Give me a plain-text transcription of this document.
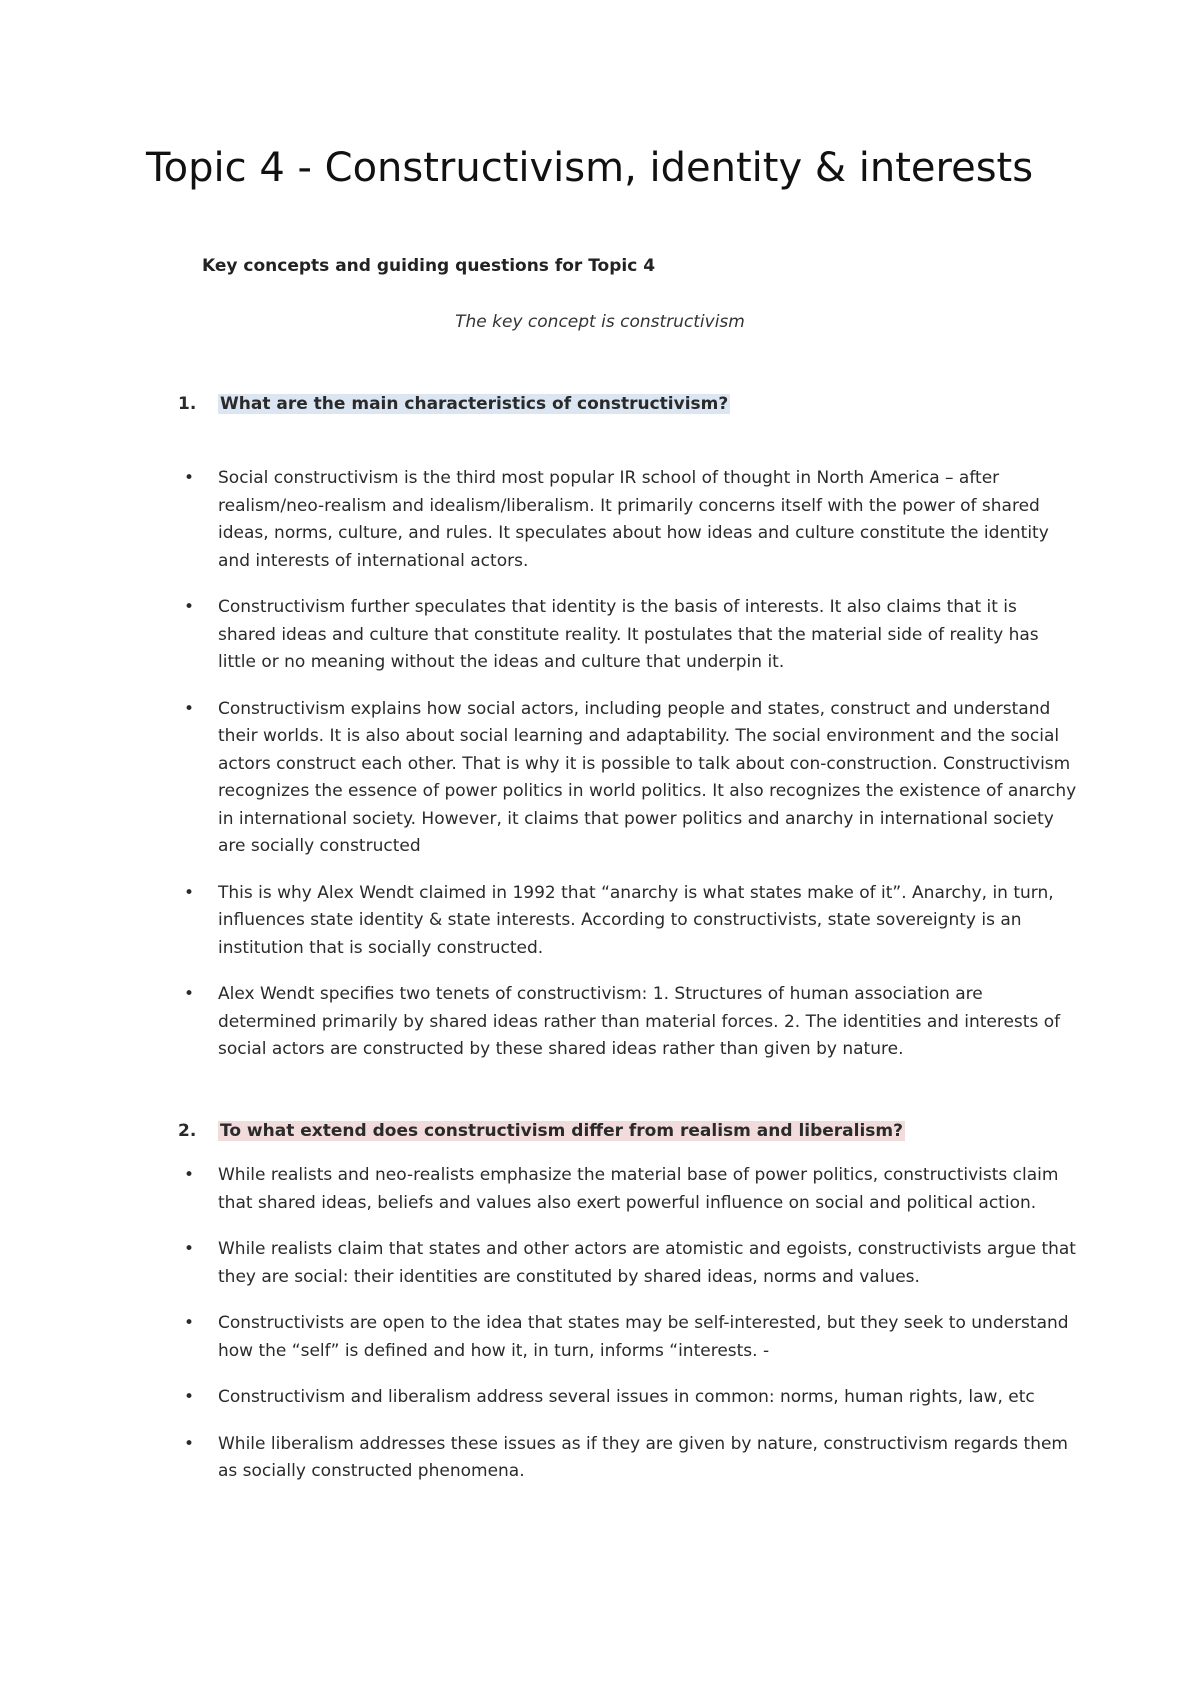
Topic 4 - Constructivism, identity & interests

Key concepts and guiding questions for Topic 4

The key concept is constructivism

1. What are the main characteristics of constructivism?

• Social constructivism is the third most popular IR school of thought in North America – after realism/neo-realism and idealism/liberalism. It primarily concerns itself with the power of shared ideas, norms, culture, and rules. It speculates about how ideas and culture constitute the identity and interests of international actors.
• Constructivism further speculates that identity is the basis of interests. It also claims that it is shared ideas and culture that constitute reality. It postulates that the material side of reality has little or no meaning without the ideas and culture that underpin it.
• Constructivism explains how social actors, including people and states, construct and understand their worlds. It is also about social learning and adaptability. The social environment and the social actors construct each other. That is why it is possible to talk about con-construction. Constructivism recognizes the essence of power politics in world politics. It also recognizes the existence of anarchy in international society. However, it claims that power politics and anarchy in international society are socially constructed
• This is why Alex Wendt claimed in 1992 that “anarchy is what states make of it”. Anarchy, in turn, influences state identity & state interests. According to constructivists, state sovereignty is an institution that is socially constructed.
• Alex Wendt specifies two tenets of constructivism: 1. Structures of human association are determined primarily by shared ideas rather than material forces. 2. The identities and interests of social actors are constructed by these shared ideas rather than given by nature.

2. To what extend does constructivism differ from realism and liberalism?

• While realists and neo-realists emphasize the material base of power politics, constructivists claim that shared ideas, beliefs and values also exert powerful influence on social and political action.
• While realists claim that states and other actors are atomistic and egoists, constructivists argue that they are social: their identities are constituted by shared ideas, norms and values.
• Constructivists are open to the idea that states may be self-interested, but they seek to understand how the “self” is defined and how it, in turn, informs “interests. -
• Constructivism and liberalism address several issues in common: norms, human rights, law, etc
• While liberalism addresses these issues as if they are given by nature, constructivism regards them as socially constructed phenomena.
